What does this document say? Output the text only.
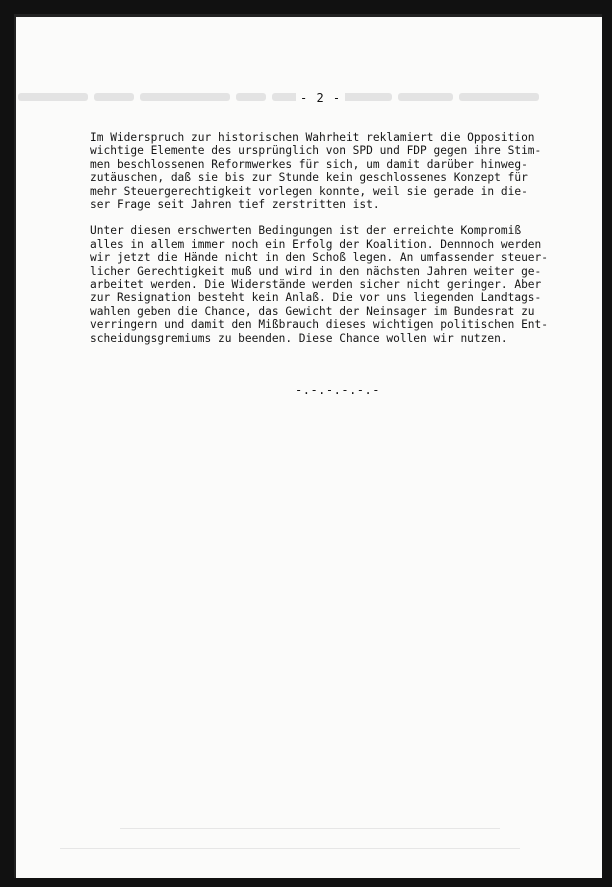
- 2 -
Im Widerspruch zur historischen Wahrheit reklamiert die Opposition
wichtige Elemente des ursprünglich von SPD und FDP gegen ihre Stim-
men beschlossenen Reformwerkes für sich, um damit darüber hinweg-
zutäuschen, daß sie bis zur Stunde kein geschlossenes Konzept für
mehr Steuergerechtigkeit vorlegen konnte, weil sie gerade in die-
ser Frage seit Jahren tief zerstritten ist.
Unter diesen erschwerten Bedingungen ist der erreichte Kompromiß
alles in allem immer noch ein Erfolg der Koalition. Dennnoch werden
wir jetzt die Hände nicht in den Schoß legen. An umfassender steuer-
licher Gerechtigkeit muß und wird in den nächsten Jahren weiter ge-
arbeitet werden. Die Widerstände werden sicher nicht geringer. Aber
zur Resignation besteht kein Anlaß. Die vor uns liegenden Landtags-
wahlen geben die Chance, das Gewicht der Neinsager im Bundesrat zu
verringern und damit den Mißbrauch dieses wichtigen politischen Ent-
scheidungsgremiums zu beenden. Diese Chance wollen wir nutzen.
-.-.-.-.-.-
